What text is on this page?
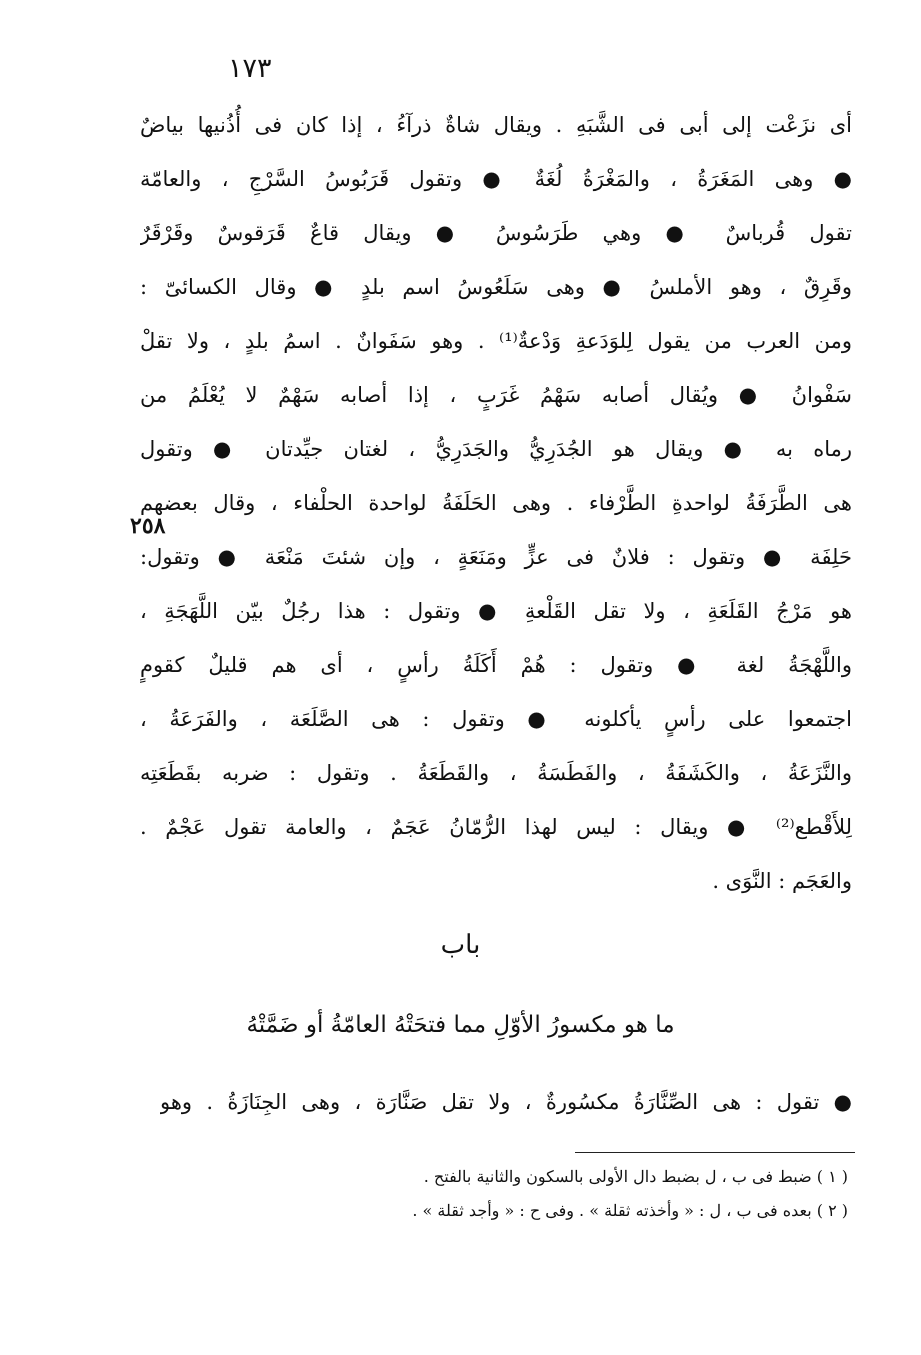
١٧٣
٢٥٨
أى نزَعْت إلى أبى فى الشَّبَهِ . ويقال شاةٌ ذرآءُ ، إذا كان فى أُذُنيها بياضٌ
● وهى المَغَرَةُ ، والمَغْرَةُ لُغَةٌ ● وتقول قَرَبُوسُ السَّرْجِ ، والعامّة
تقول قُرباسٌ ● وهي طَرَسُوسُ ● ويقال قاعٌ قَرَقوسٌ وقَرْقَرٌ
وقَرِقٌ ، وهو الأملسُ ● وهى سَلَعُوسُ اسم بلدٍ ● وقال الكسائىّ :
ومن العرب من يقول لِلوَدَعةِ وَدْعةٌ⁽¹⁾ . وهو سَفَوانٌ . اسمُ بلدٍ ، ولا تقلْ
سَفْوانُ ● ويُقال أصابه سَهْمُ غَرَبٍ ، إذا أصابه سَهْمٌ لا يُعْلَمُ من
رماه به ● ويقال هو الجُدَرِيُّ والجَدَرِيُّ ، لغتان جيِّدتان ● وتقول
هى الطَّرَفَةُ لواحدةِ الطَّرْفاء . وهى الحَلَفَةُ لواحدة الحلْفاء ، وقال بعضهم
حَلِفَة ● وتقول : فلانٌ فى عزٍّ ومَنَعَةٍ ، وإن شئتَ مَنْعَة ● وتقول:
هو مَرْجُ القَلَعَةِ ، ولا تقل القَلْعةِ ● وتقول : هذا رجُلٌ بيّن اللَّهَجَةِ ،
واللَّهْجَةُ لغة ● وتقول : هُمْ أَكَلَةُ رأسٍ ، أى هم قليلٌ كقومٍ
اجتمعوا على رأسٍ يأكلونه ● وتقول : هى الصَّلَعَة ، والفَرَعَةُ ،
والنَّزَعَةُ ، والكَشَفَةُ ، والفَطَسَةُ ، والقَطَعَةُ . وتقول : ضربه بقَطَعَتِه
لِلأَقْطع⁽²⁾ ● ويقال : ليس لهذا الرُّمّانُ عَجَمٌ ، والعامة تقول عَجْمٌ .
والعَجَم : النَّوَى .
باب
ما هو مكسورُ الأوّلِ مما فتحَتْهُ العامّةُ أو ضَمَّتْهُ
● تقول : هى الصِّنَّارَةُ مكسُورةٌ ، ولا تقل صَنَّارَة ، وهى الجِنَازَةُ . وهو
( ١ ) ضبط فى ب ، ل بضبط دال الأولى بالسكون والثانية بالفتح .
( ٢ ) بعده فى ب ، ل : « وأخذته ثقلة » . وفى ح : « وأجد ثقلة » .
